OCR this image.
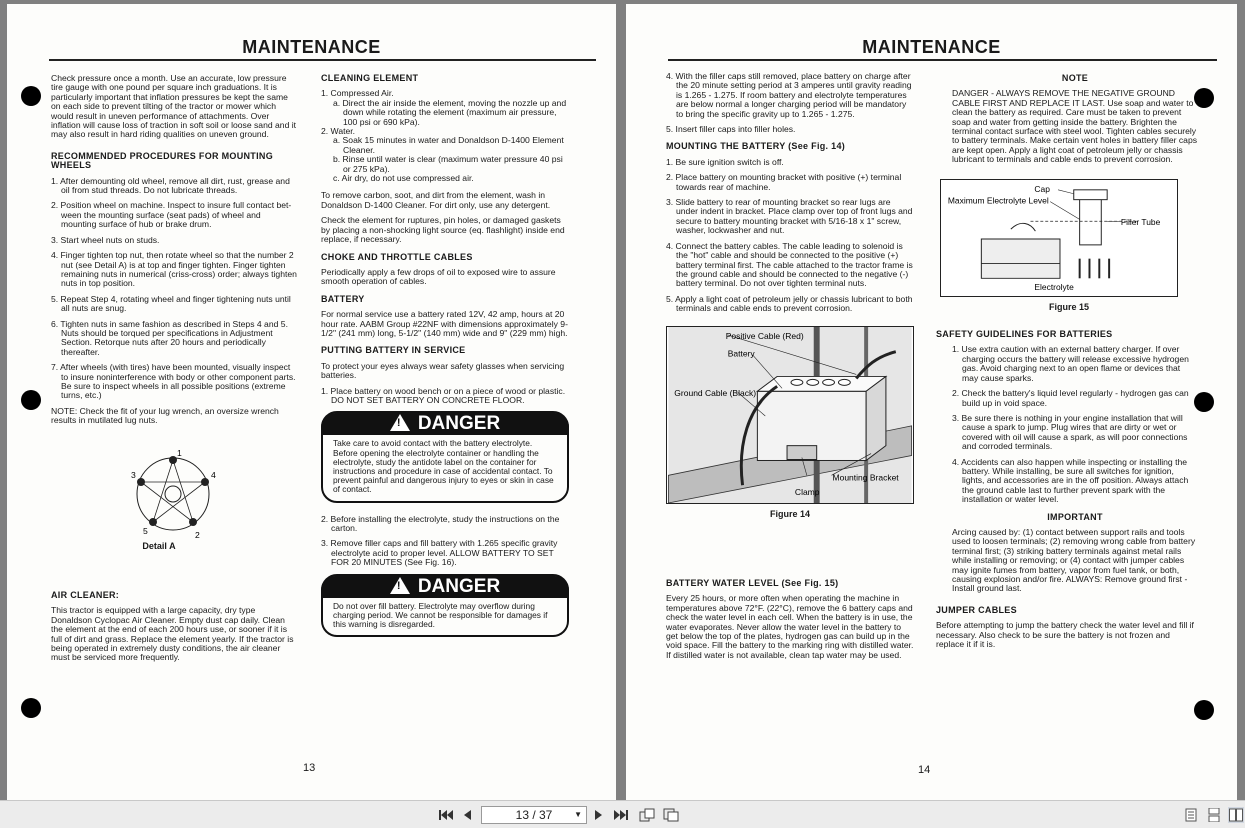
MAINTENANCE

Check pressure once a month. Use an accurate, low pressure tire gauge with one pound per square inch graduations. It is particularly important that inflation pressures be kept the same on each side to prevent tilting of the tractor or mower which would result in uneven performance of attachments. Over inflation will cause loss of traction in soft soil or loose sand and it may also result in hard riding qualities on uneven ground.

RECOMMENDED PROCEDURES FOR MOUNTING WHEELS
1. After demounting old wheel, remove all dirt, rust, grease and oil from stud threads. Do not lubricate threads.
2. Position wheel on machine. Inspect to insure full contact bet-ween the mounting surface (seat pads) of wheel and mounting surface of hub or brake drum.
3. Start wheel nuts on studs.
4. Finger tighten top nut, then rotate wheel so that the number 2 nut (see Detail A) is at top and finger tighten. Finger tighten remaining nuts in numerical (criss-cross) order; always tighten nuts in top position.
5. Repeat Step 4, rotating wheel and finger tightening nuts until all nuts are snug.
6. Tighten nuts in same fashion as described in Steps 4 and 5. Nuts should be torqued per specifications in Adjustment Section. Retorque nuts after 20 hours and periodically thereafter.
7. After wheels (with tires) have been mounted, visually inspect to insure noninterference with body or other component parts. Be sure to inspect wheels in all possible positions (extreme turns, etc.)

NOTE: Check the fit of your lug wrench, an oversize wrench results in mutilated lug nuts.

1
2
3	4
5
Detail A
AIR CLEANER:

This tractor is equipped with a large capacity, dry type Donaldson Cyclopac Air Cleaner. Empty dust cap daily. Clean the element at the end of each 200 hours use, or sooner if it is full of dirt and grass. Replace the element yearly. If the tractor is being operated in extremely dusty conditions, the air cleaner must be serviced more frequently.

CLEANING ELEMENT
1. Compressed Air.
a. Direct the air inside the element, moving the nozzle up and down while rotating the element (maximum air pressure, 100 psi or 690 kPa).
2. Water.
a. Soak 15 minutes in water and Donaldson D-1400 Element Cleaner.
b. Rinse until water is clear (maximum water pressure 40 psi or 275 kPa).
c. Air dry, do not use compressed air.

To remove carbon, soot, and dirt from the element, wash in Donaldson D-1400 Cleaner. For dirt only, use any detergent.

Check the element for ruptures, pin holes, or damaged gaskets by placing a non-shocking light source (eq. flashlight) inside end replace, if necessary.

CHOKE AND THROTTLE CABLES

Periodically apply a few drops of oil to exposed wire to assure smooth operation of cables.

BATTERY

For normal service use a battery rated 12V, 42 amp, hours at 20 hour rate. AABM Group #22NF with dimensions approximately 9-1/2" (241 mm) long, 5-1/2" (140 mm) wide and 9" (229 mm) high.

PUTTING BATTERY IN SERVICE

To protect your eyes always wear safety glasses when servicing batteries.

1. Place battery on wood bench or on a piece of wood or plastic. DO NOT SET BATTERY ON CONCRETE FLOOR.
!DANGER
Take care to avoid contact with the battery electrolyte. Before opening the electrolyte container or handling the electrolyte, study the antidote label on the container for instructions and procedure in case of accidental contact. To prevent painful and dangerous injury to eyes or skin in case of contact.
2. Before installing the electrolyte, study the instructions on the carton.
3. Remove filler caps and fill battery with 1.265 specific gravity electrolyte acid to proper level. ALLOW BATTERY TO SET FOR 20 MINUTES (See Fig. 16).
!DANGER
Do not over fill battery. Electrolyte may overflow during charging period. We cannot be responsible for damages if this warning is disregarded.
13
MAINTENANCE
4. With the filler caps still removed, place battery on charge after the 20 minute setting period at 3 amperes until gravity reading is 1.265 - 1.275. If room battery and electrolyte temperatures are below normal a longer charging period will be mandatory to bring the specific gravity up to 1.265 - 1.275.
5. Insert filler caps into filler holes.
MOUNTING THE BATTERY (See Fig. 14)
1. Be sure ignition switch is off.
2. Place battery on mounting bracket with positive (+) terminal towards rear of machine.
3. Slide battery to rear of mounting bracket so rear lugs are under indent in bracket. Place clamp over top of front lugs and secure to battery mounting bracket with 5/16-18 x 1" screw, washer, lockwasher and nut.
4. Connect the battery cables. The cable leading to solenoid is the "hot" cable and should be connected to the positive (+) battery terminal first. The cable attached to the tractor frame is the ground cable and should be connected to the negative (-) battery terminal. Do not over tighten terminal nuts.
5. Apply a light coat of petroleum jelly or chassis lubricant to both terminals and cable ends to prevent corrosion.
Positive Cable (Red)
Battery
Ground Cable (Black)
Mounting Bracket
Clamp
Figure 14
BATTERY WATER LEVEL (See Fig. 15)

Every 25 hours, or more often when operating the machine in temperatures above 72°F. (22°C), remove the 6 battery caps and check the water level in each cell. When the battery is in use, the water evaporates. Never allow the water level in the battery to get below the top of the plates, hydrogen gas can build up in the void space. Fill the battery to the marking ring with distilled water. If distilled water is not available, clean tap water may be used.

NOTE

DANGER - ALWAYS REMOVE THE NEGATIVE GROUND CABLE FIRST AND REPLACE IT LAST. Use soap and water to clean the battery as required. Care must be taken to prevent soap and water from getting inside the battery. Brighten the terminal contact surface with steel wool. Tighten cables securely to battery terminals. Make certain vent holes in battery filler caps are kept open. Apply a light coat of petroleum jelly or chassis lubricant to terminals and cable ends to prevent corrosion.

Cap
Maximum Electrolyte Level
Filler Tube
Electrolyte
Figure 15
SAFETY GUIDELINES FOR BATTERIES
1. Use extra caution with an external battery charger. If over charging occurs the battery will release excessive hydrogen gas. Avoid charging next to an open flame or devices that may cause sparks.
2. Check the battery's liquid level regularly - hydrogen gas can build up in void space.
3. Be sure there is nothing in your engine installation that will cause a spark to jump. Plug wires that are dirty or wet or covered with oil will cause a spark, as will poor connections and corroded terminals.
4. Accidents can also happen while inspecting or installing the battery. While installing, be sure all switches for ignition, lights, and accessories are in the off position. Always attach the ground cable last to further prevent spark with the installation or water level.
IMPORTANT

Arcing caused by: (1) contact between support rails and tools used to loosen terminals; (2) removing wrong cable from battery terminal first; (3) striking battery terminals against metal rails while installing or removing; or (4) contact with jumper cables may ignite fumes from battery, vapor from fuel tank, or both, causing explosion and/or fire. ALWAYS: Remove ground first - Install ground last.

JUMPER CABLES

Before attempting to jump the battery check the water level and fill if necessary. Also check to be sure the battery is not frozen and replace it if it is.

14
13 / 37	▼
